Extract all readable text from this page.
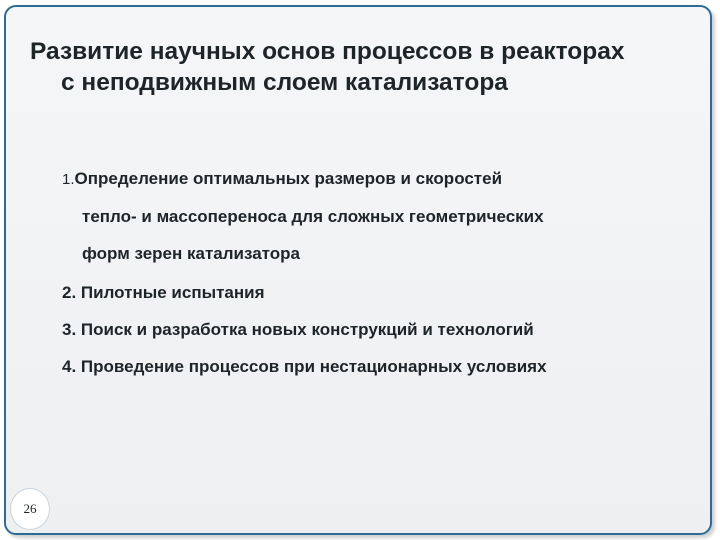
Развитие научных основ процессов в реакторах
с неподвижным слоем катализатора
1.Определение оптимальных размеров и скоростей
тепло- и массопереноса для сложных геометрических
форм зерен катализатора
2. Пилотные испытания
3. Поиск и разработка новых конструкций и технологий
4. Проведение процессов при нестационарных условиях
26
